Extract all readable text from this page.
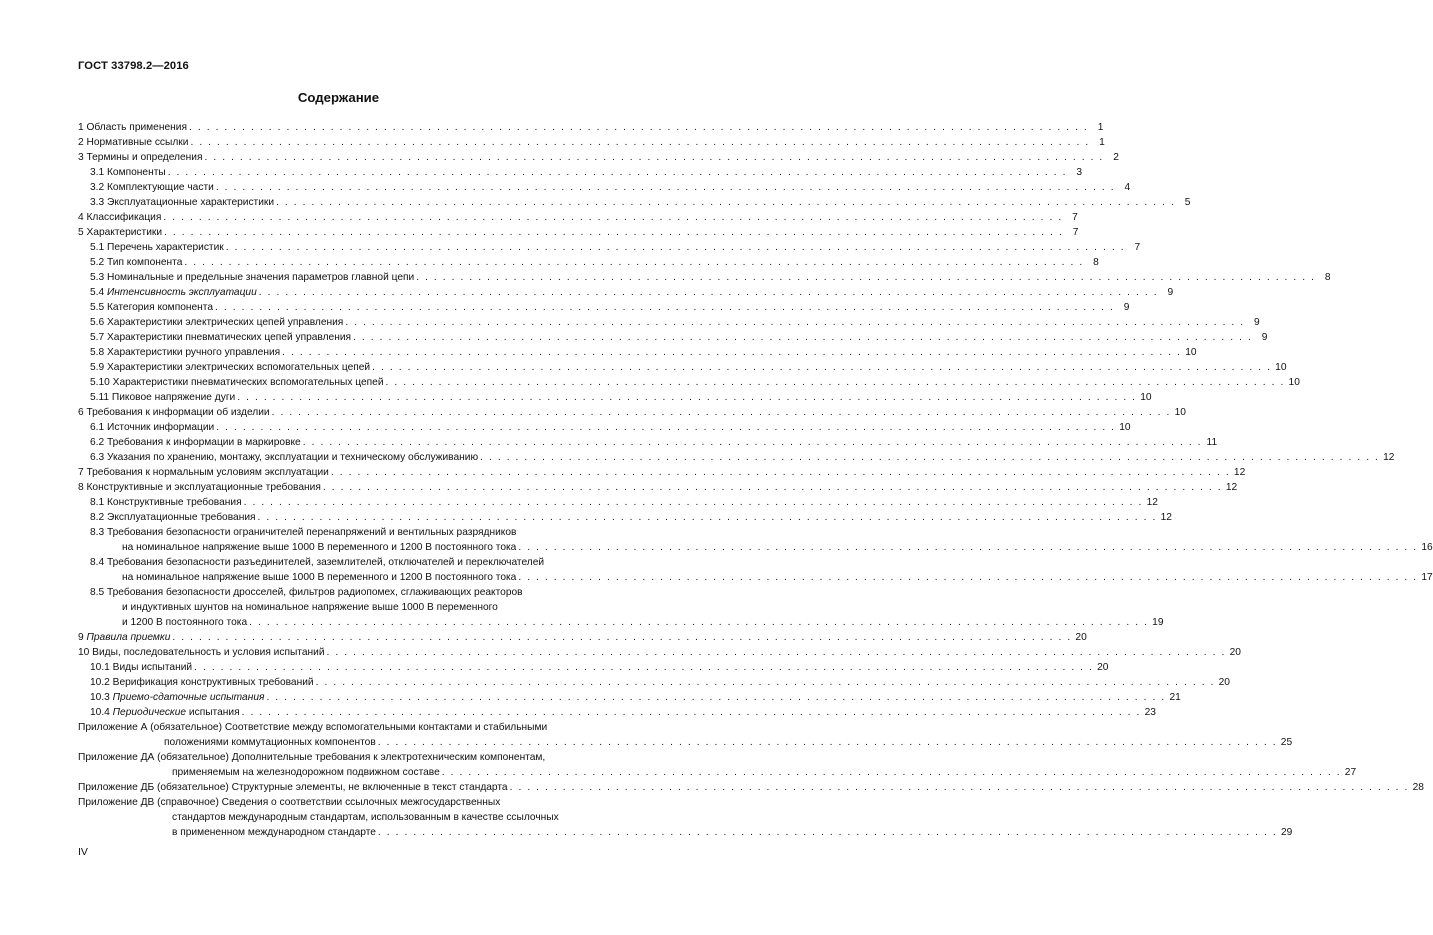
ГОСТ 33798.2—2016
Содержание
1 Область применения . . . . . . . . . . . . . . . . . . . . . . . . . . . . . . . . . . . . . . . . . . . . . . . . . . . . . . . . . . . . . . . . . . . . . . . . . . . . . . . . . . . . . . . . . . . . . . . . . . . . . . 1
2 Нормативные ссылки . . . . . . . . . . . . . . . . . . . . . . . . . . . . . . . . . . . . . . . . . . . . . . . . . . . . . . . . . . . . . . . . . . . . . . . . . . . . . . . . . . . . . . . . . . . . . . . . . . . . . . 1
3 Термины и определения . . . . . . . . . . . . . . . . . . . . . . . . . . . . . . . . . . . . . . . . . . . . . . . . . . . . . . . . . . . . . . . . . . . . . . . . . . . . . . . . . . . . . . . . . . . . . . . . . . . . . . 2
3.1 Компоненты . . . . . . . . . . . . . . . . . . . . . . . . . . . . . . . . . . . . . . . . . . . . . . . . . . . . . . . . . . . . . . . . . . . . . . . . . . . . . . . . . . . . . . . . . . . . . . . . . . . . . . 3
3.2 Комплектующие части . . . . . . . . . . . . . . . . . . . . . . . . . . . . . . . . . . . . . . . . . . . . . . . . . . . . . . . . . . . . . . . . . . . . . . . . . . . . . . . . . . . . . . . . . . . . . . . . . . . . . . 4
3.3 Эксплуатационные характеристики . . . . . . . . . . . . . . . . . . . . . . . . . . . . . . . . . . . . . . . . . . . . . . . . . . . . . . . . . . . . . . . . . . . . . . . . . . . . . . . . . . . . . . . . . . . . . . . . . . . . . . 5
4 Классификация . . . . . . . . . . . . . . . . . . . . . . . . . . . . . . . . . . . . . . . . . . . . . . . . . . . . . . . . . . . . . . . . . . . . . . . . . . . . . . . . . . . . . . . . . . . . . . . . . . . . . . 7
5 Характеристики . . . . . . . . . . . . . . . . . . . . . . . . . . . . . . . . . . . . . . . . . . . . . . . . . . . . . . . . . . . . . . . . . . . . . . . . . . . . . . . . . . . . . . . . . . . . . . . . . . . . . . 7
5.1 Перечень характеристик . . . . . . . . . . . . . . . . . . . . . . . . . . . . . . . . . . . . . . . . . . . . . . . . . . . . . . . . . . . . . . . . . . . . . . . . . . . . . . . . . . . . . . . . . . . . . . . . . . . . . . 7
5.2 Тип компонента . . . . . . . . . . . . . . . . . . . . . . . . . . . . . . . . . . . . . . . . . . . . . . . . . . . . . . . . . . . . . . . . . . . . . . . . . . . . . . . . . . . . . . . . . . . . . . . . . . . . . . 8
5.3 Номинальные и предельные значения параметров главной цепи . . . . . . . . . . . . . . . . . . . . . . . . . . . . . . . . . . . . . . . . . . . . . . . . . . . . . . . . . . . . . . . . . . . . . . . . . . . . . . . . . . . . . . . . . . . . . . . . . . . . . . 8
5.4 Интенсивность эксплуатации . . . . . . . . . . . . . . . . . . . . . . . . . . . . . . . . . . . . . . . . . . . . . . . . . . . . . . . . . . . . . . . . . . . . . . . . . . . . . . . . . . . . . . . . . . . . . . . . . . . . . . 9
5.5 Категория компонента . . . . . . . . . . . . . . . . . . . . . . . . . . . . . . . . . . . . . . . . . . . . . . . . . . . . . . . . . . . . . . . . . . . . . . . . . . . . . . . . . . . . . . . . . . . . . . . . . . . . . . 9
5.6 Характеристики электрических цепей управления . . . . . . . . . . . . . . . . . . . . . . . . . . . . . . . . . . . . . . . . . . . . . . . . . . . . . . . . . . . . . . . . . . . . . . . . . . . . . . . . . . . . . . . . . . . . . . . . . . . . . . 9
5.7 Характеристики пневматических цепей управления . . . . . . . . . . . . . . . . . . . . . . . . . . . . . . . . . . . . . . . . . . . . . . . . . . . . . . . . . . . . . . . . . . . . . . . . . . . . . . . . . . . . . . . . . . . . . . . . . . . . . . 9
5.8 Характеристики ручного управления . . . . . . . . . . . . . . . . . . . . . . . . . . . . . . . . . . . . . . . . . . . . . . . . . . . . . . . . . . . . . . . . . . . . . . . . . . . . . . . . . . . . . . . . . . . . . . . . . . . . . . 10
5.9 Характеристики электрических вспомогательных цепей . . . . . . . . . . . . . . . . . . . . . . . . . . . . . . . . . . . . . . . . . . . . . . . . . . . . . . . . . . . . . . . . . . . . . . . . . . . . . . . . . . . . . . . . . . . . . . . . . . . . . . 10
5.10 Характеристики пневматических вспомогательных цепей . . . . . . . . . . . . . . . . . . . . . . . . . . . . . . . . . . . . . . . . . . . . . . . . . . . . . . . . . . . . . . . . . . . . . . . . . . . . . . . . . . . . . . . . . . . . . . . . . . . . . . 10
5.11 Пиковое напряжение дуги . . . . . . . . . . . . . . . . . . . . . . . . . . . . . . . . . . . . . . . . . . . . . . . . . . . . . . . . . . . . . . . . . . . . . . . . . . . . . . . . . . . . . . . . . . . . . . . . . . . . . . 10
6 Требования к информации об изделии . . . . . . . . . . . . . . . . . . . . . . . . . . . . . . . . . . . . . . . . . . . . . . . . . . . . . . . . . . . . . . . . . . . . . . . . . . . . . . . . . . . . . . . . . . . . . . . . . . . . . . 10
6.1 Источник информации . . . . . . . . . . . . . . . . . . . . . . . . . . . . . . . . . . . . . . . . . . . . . . . . . . . . . . . . . . . . . . . . . . . . . . . . . . . . . . . . . . . . . . . . . . . . . . . . . . . . . . 10
6.2 Требования к информации в маркировке . . . . . . . . . . . . . . . . . . . . . . . . . . . . . . . . . . . . . . . . . . . . . . . . . . . . . . . . . . . . . . . . . . . . . . . . . . . . . . . . . . . . . . . . . . . . . . . . . . . . . . 11
6.3 Указания по хранению, монтажу, эксплуатации и техническому обслуживанию . . . . . . . . . . . . . . . . . . . . . . . . . . . . . . . . . . . . . . . . . . . . . . . . . . . . . . . . . . . . . . . . . . . . . . . . . . . . . . . . . . . . . . . . . . . . . . . . . . . . . . 12
7 Требования к нормальным условиям эксплуатации . . . . . . . . . . . . . . . . . . . . . . . . . . . . . . . . . . . . . . . . . . . . . . . . . . . . . . . . . . . . . . . . . . . . . . . . . . . . . . . . . . . . . . . . . . . . . . . . . . . . . . 12
8 Конструктивные и эксплуатационные требования . . . . . . . . . . . . . . . . . . . . . . . . . . . . . . . . . . . . . . . . . . . . . . . . . . . . . . . . . . . . . . . . . . . . . . . . . . . . . . . . . . . . . . . . . . . . . . . . . . . . . . 12
8.1 Конструктивные требования . . . . . . . . . . . . . . . . . . . . . . . . . . . . . . . . . . . . . . . . . . . . . . . . . . . . . . . . . . . . . . . . . . . . . . . . . . . . . . . . . . . . . . . . . . . . . . . . . . . . . . 12
8.2 Эксплуатационные требования . . . . . . . . . . . . . . . . . . . . . . . . . . . . . . . . . . . . . . . . . . . . . . . . . . . . . . . . . . . . . . . . . . . . . . . . . . . . . . . . . . . . . . . . . . . . . . . . . . . . . . 12
8.3 Требования безопасности ограничителей перенапряжений и вентильных разрядников
на номинальное напряжение выше 1000 В переменного и 1200 В постоянного тока . . . . . . . . . . . . . . . . . . . . . . . . . . . . . . . . . . . . . . . . . . . . . . . . . . . . . . . . . . . . . . . . . . . . . . . . . . . . . . . . . . . . . . . . . . . . . . . . . . . . . . 16
8.4 Требования безопасности разъединителей, заземлителей, отключателей и переключателей
на номинальное напряжение выше 1000 В переменного и 1200 В постоянного тока . . . . . . . . . . . . . . . . . . . . . . . . . . . . . . . . . . . . . . . . . . . . . . . . . . . . . . . . . . . . . . . . . . . . . . . . . . . . . . . . . . . . . . . . . . . . . . . . . . . . . . 17
8.5 Требования безопасности дросселей, фильтров радиопомех, сглаживающих реакторов
и индуктивных шунтов на номинальное напряжение выше 1000 В переменного
и 1200 В постоянного тока . . . . . . . . . . . . . . . . . . . . . . . . . . . . . . . . . . . . . . . . . . . . . . . . . . . . . . . . . . . . . . . . . . . . . . . . . . . . . . . . . . . . . . . . . . . . . . . . . . . . . . 19
9 Правила приемки . . . . . . . . . . . . . . . . . . . . . . . . . . . . . . . . . . . . . . . . . . . . . . . . . . . . . . . . . . . . . . . . . . . . . . . . . . . . . . . . . . . . . . . . . . . . . . . . . . . . . . 20
10 Виды, последовательность и условия испытаний . . . . . . . . . . . . . . . . . . . . . . . . . . . . . . . . . . . . . . . . . . . . . . . . . . . . . . . . . . . . . . . . . . . . . . . . . . . . . . . . . . . . . . . . . . . . . . . . . . . . . . 20
10.1 Виды испытаний . . . . . . . . . . . . . . . . . . . . . . . . . . . . . . . . . . . . . . . . . . . . . . . . . . . . . . . . . . . . . . . . . . . . . . . . . . . . . . . . . . . . . . . . . . . . . . . . . . . . . . 20
10.2 Верификация конструктивных требований . . . . . . . . . . . . . . . . . . . . . . . . . . . . . . . . . . . . . . . . . . . . . . . . . . . . . . . . . . . . . . . . . . . . . . . . . . . . . . . . . . . . . . . . . . . . . . . . . . . . . . 20
10.3 Приемо-сдаточные испытания . . . . . . . . . . . . . . . . . . . . . . . . . . . . . . . . . . . . . . . . . . . . . . . . . . . . . . . . . . . . . . . . . . . . . . . . . . . . . . . . . . . . . . . . . . . . . . . . . . . . . . 21
10.4 Периодические испытания . . . . . . . . . . . . . . . . . . . . . . . . . . . . . . . . . . . . . . . . . . . . . . . . . . . . . . . . . . . . . . . . . . . . . . . . . . . . . . . . . . . . . . . . . . . . . . . . . . . . . . 23
Приложение А (обязательное) Соответствие между вспомогательными контактами и стабильными
положениями коммутационных компонентов . . . . . . . . . . . . . . . . . . . . . . . . . . . . . . . . . . . . . . . . . . . . . . . . . . . . . . . . . . . . . . . . . . . . . . . . . . . . . . . . . . . . . . . . . . . . . . . . . . . . . . 25
Приложение ДА (обязательное) Дополнительные требования к электротехническим компонентам,
применяемым на железнодорожном подвижном составе . . . . . . . . . . . . . . . . . . . . . . . . . . . . . . . . . . . . . . . . . . . . . . . . . . . . . . . . . . . . . . . . . . . . . . . . . . . . . . . . . . . . . . . . . . . . . . . . . . . . . . 27
Приложение ДБ (обязательное) Структурные элементы, не включенные в текст стандарта . . . . . . . . . . . . . . . . . . . . . . . . . . . . . . . . . . . . . . . . . . . . . . . . . . . . . . . . . . . . . . . . . . . . . . . . . . . . . . . . . . . . . . . . . . . . . . . . . . . . . . 28
Приложение ДВ (справочное) Сведения о соответствии ссылочных межгосударственных
стандартов международным стандартам, использованным в качестве ссылочных
в примененном международном стандарте . . . . . . . . . . . . . . . . . . . . . . . . . . . . . . . . . . . . . . . . . . . . . . . . . . . . . . . . . . . . . . . . . . . . . . . . . . . . . . . . . . . . . . . . . . . . . . . . . . . . . . 29
IV
